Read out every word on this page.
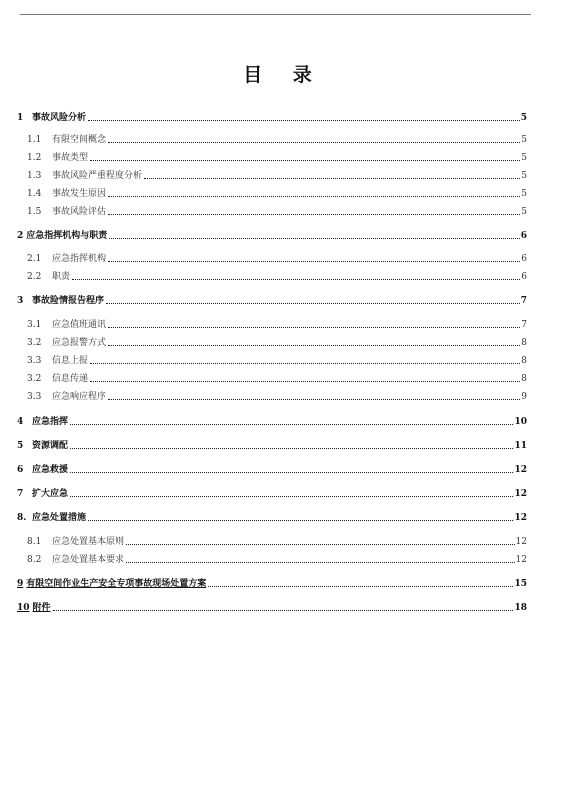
目 录
1 事故风险分析	5
1.1	有限空间概念	5
1.2	事故类型	5
1.3	事故风险严重程度分析	5
1.4	事故发生原因	5
1.5	事故风险评估	5
2 应急指挥机构与职责	6
2.1	应急指挥机构	6
2.2	职责	6
3 事故险情报告程序	7
3.1	应急值班通讯	7
3.2	应急报警方式	8
3.3	信息上报	8
3.2	信息传递	8
3.3	应急响应程序	9
4 应急指挥	10
5 资源调配	11
6 应急救援	12
7 扩大应急	12
8. 应急处置措施	12
8.1	应急处置基本原则	12
8.2	应急处置基本要求	12
9 有限空间作业生产安全专项事故现场处置方案	15
10 附件	18
